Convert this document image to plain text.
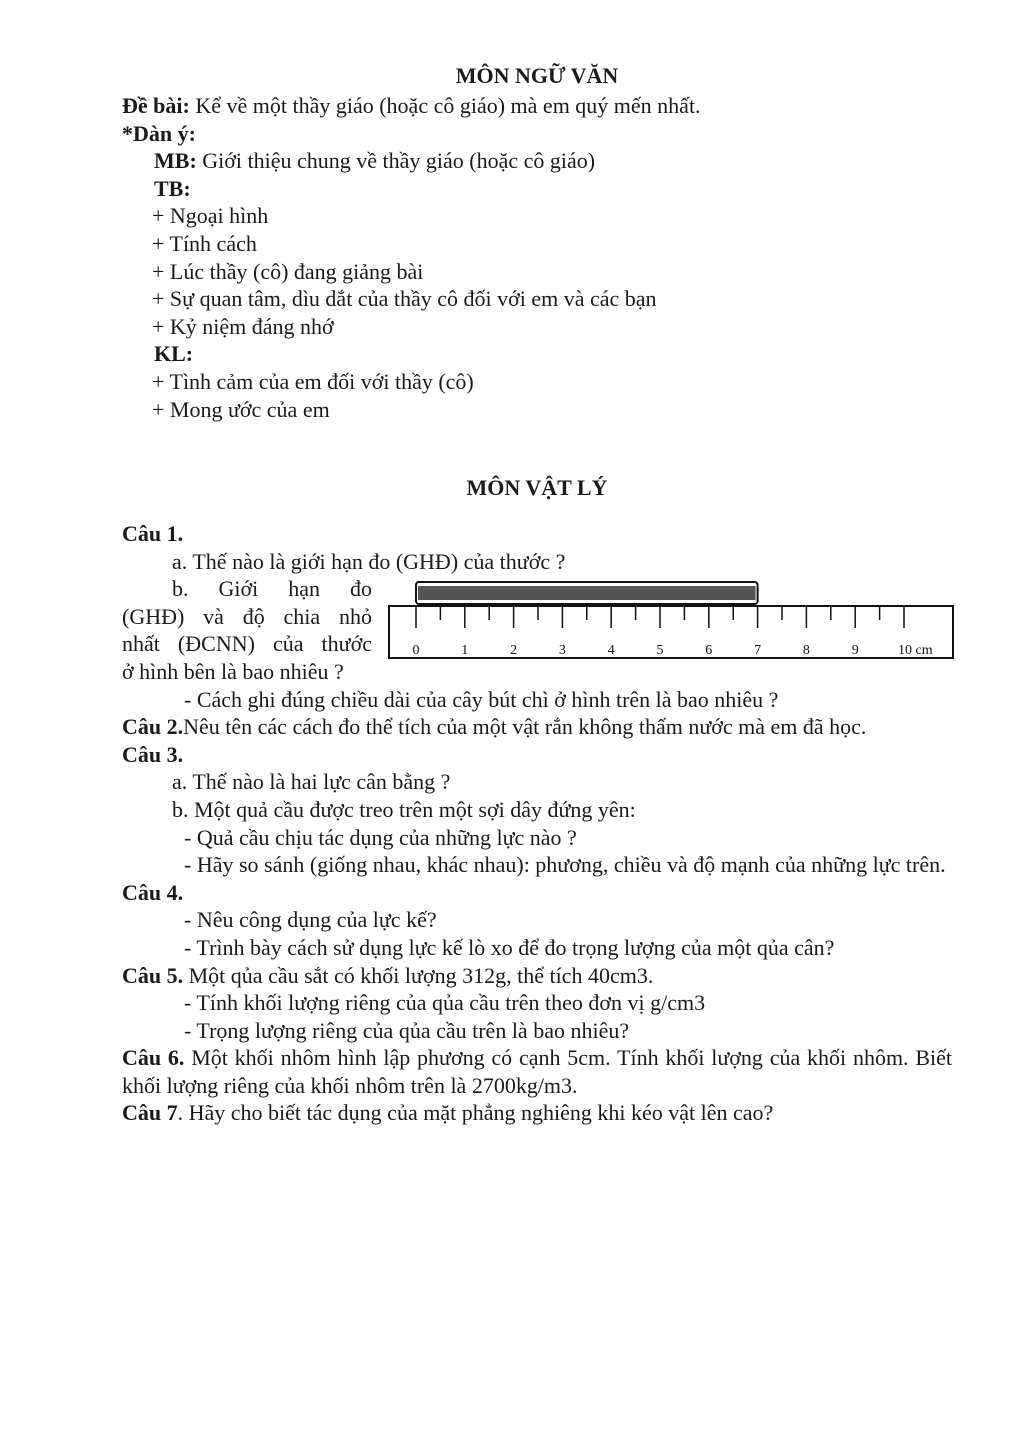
MÔN NGỮ VĂN
Đề bài: Kể về một thầy giáo (hoặc cô giáo) mà em quý mến nhất.
*Dàn ý:
MB: Giới thiệu chung về thầy giáo (hoặc cô giáo)
TB:
+ Ngoại hình
+ Tính cách
+ Lúc thầy (cô) đang giảng bài
+ Sự quan tâm, dìu dắt của thầy cô đối với em và các bạn
+ Kỷ niệm đáng nhớ
KL:
+ Tình cảm của em đối với thầy (cô)
+ Mong ước của em
MÔN VẬT LÝ
Câu 1.
a. Thế nào là giới hạn đo (GHĐ) của thước ?
b. Giới hạn đo
(GHĐ) và độ chia nhỏ
nhất (ĐCNN) của thước
ở hình bên là bao nhiêu ?
- Cách ghi đúng chiều dài của cây bút chì ở hình trên là bao nhiêu ?
Câu 2.Nêu tên các cách đo thể tích của một vật rắn không thấm nước mà em đã học.
Câu 3.
a. Thế nào là hai lực cân bằng ?
b. Một quả cầu được treo trên một sợi dây đứng yên:
- Quả cầu chịu tác dụng của những lực nào ?
- Hãy so sánh (giống nhau, khác nhau): phương, chiều và độ mạnh của những lực trên.
Câu 4.
- Nêu công dụng của lực kế?
- Trình bày cách sử dụng lực kế lò xo để đo trọng lượng của một qủa cân?
Câu 5. Một qủa cầu sắt có khối lượng 312g, thể tích 40cm3.
- Tính khối lượng riêng của qủa cầu trên theo đơn vị g/cm3
- Trọng lượng riêng của qủa cầu trên là bao nhiêu?
Câu 6. Một khối nhôm hình lập phương có cạnh 5cm. Tính khối lượng của khối nhôm. Biết khối lượng riêng của khối nhôm trên là 2700kg/m3.
Câu 7. Hãy cho biết tác dụng của mặt phẳng nghiêng khi kéo vật lên cao?
0	1	2	3	4	5	6	7	8	9	10 cm
